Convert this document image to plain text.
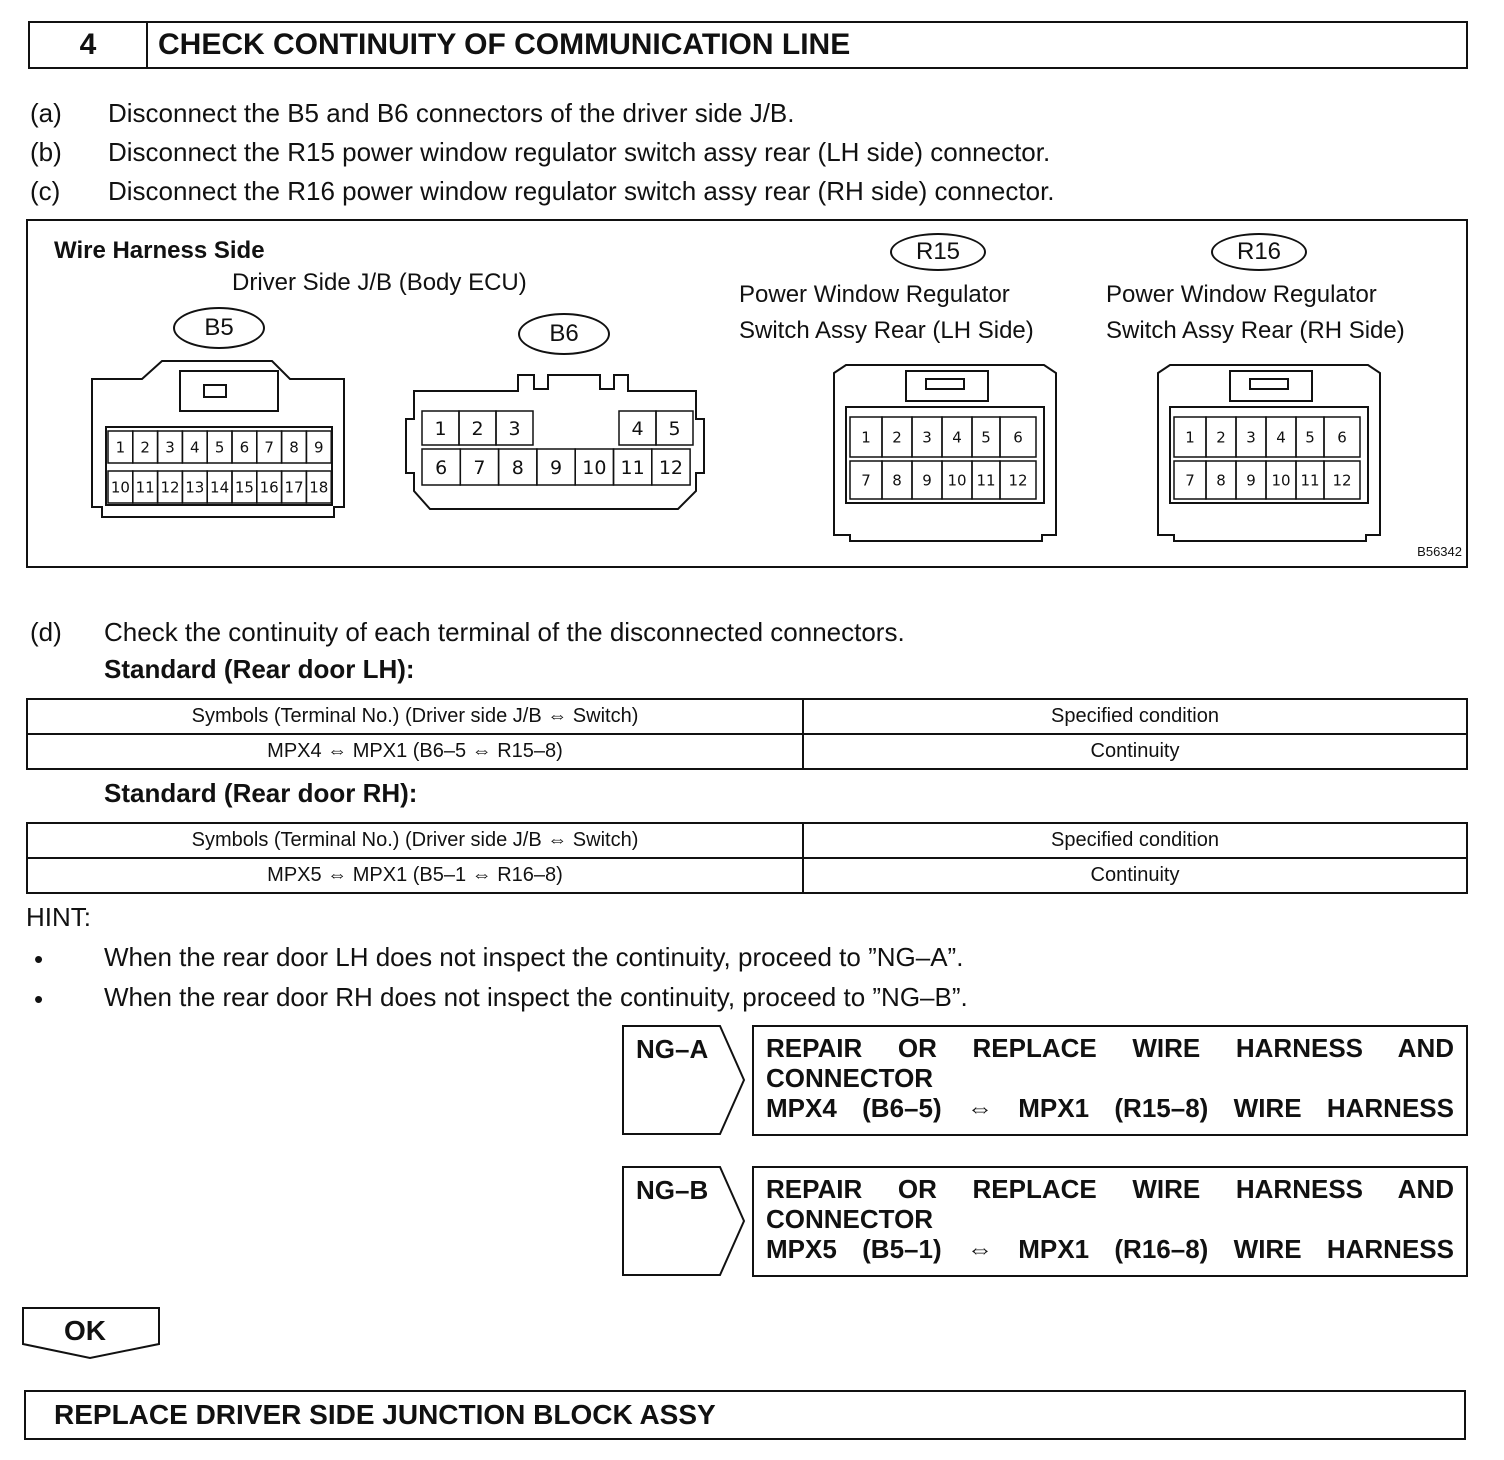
4	CHECK CONTINUITY OF COMMUNICATION LINE
(a) Disconnect the B5 and B6 connectors of the driver side J/B.
(b) Disconnect the R15 power window regulator switch assy rear (LH side) connector.
(c) Disconnect the R16 power window regulator switch assy rear (RH side) connector.
Wire Harness Side
Driver Side J/B (Body ECU)
B5	B6
R15	R16
Power Window Regulator
Switch Assy Rear (LH Side)
Power Window Regulator
Switch Assy Rear (RH Side)
1 2 3 4 5 6 7 8 9
10 11 12 13 14 15 16 17 18
1 2 3	4 5
6 7 8 9 10 11 12
1 2 3 4 5 6
7 8 9 10 11 12
1 2 3 4 5 6
7 8 9 10 11 12
B56342
(d) Check the continuity of each terminal of the disconnected connectors.
Standard (Rear door LH):
Symbols (Terminal No.) (Driver side J/B ⇔ Switch)	Specified condition
MPX4 ⇔ MPX1 (B6–5 ⇔ R15–8)	Continuity
Standard (Rear door RH):
Symbols (Terminal No.) (Driver side J/B ⇔ Switch)	Specified condition
MPX5 ⇔ MPX1 (B5–1 ⇔ R16–8)	Continuity
HINT:
• When the rear door LH does not inspect the continuity, proceed to ”NG–A”.
• When the rear door RH does not inspect the continuity, proceed to ”NG–B”.
NG–A REPAIR OR REPLACE WIRE HARNESS AND
CONNECTOR
MPX4 (B6–5) ⇔ MPX1 (R15–8) WIRE HARNESS
NG–B REPAIR OR REPLACE WIRE HARNESS AND
CONNECTOR
MPX5 (B5–1) ⇔ MPX1 (R16–8) WIRE HARNESS
OK
REPLACE DRIVER SIDE JUNCTION BLOCK ASSY
